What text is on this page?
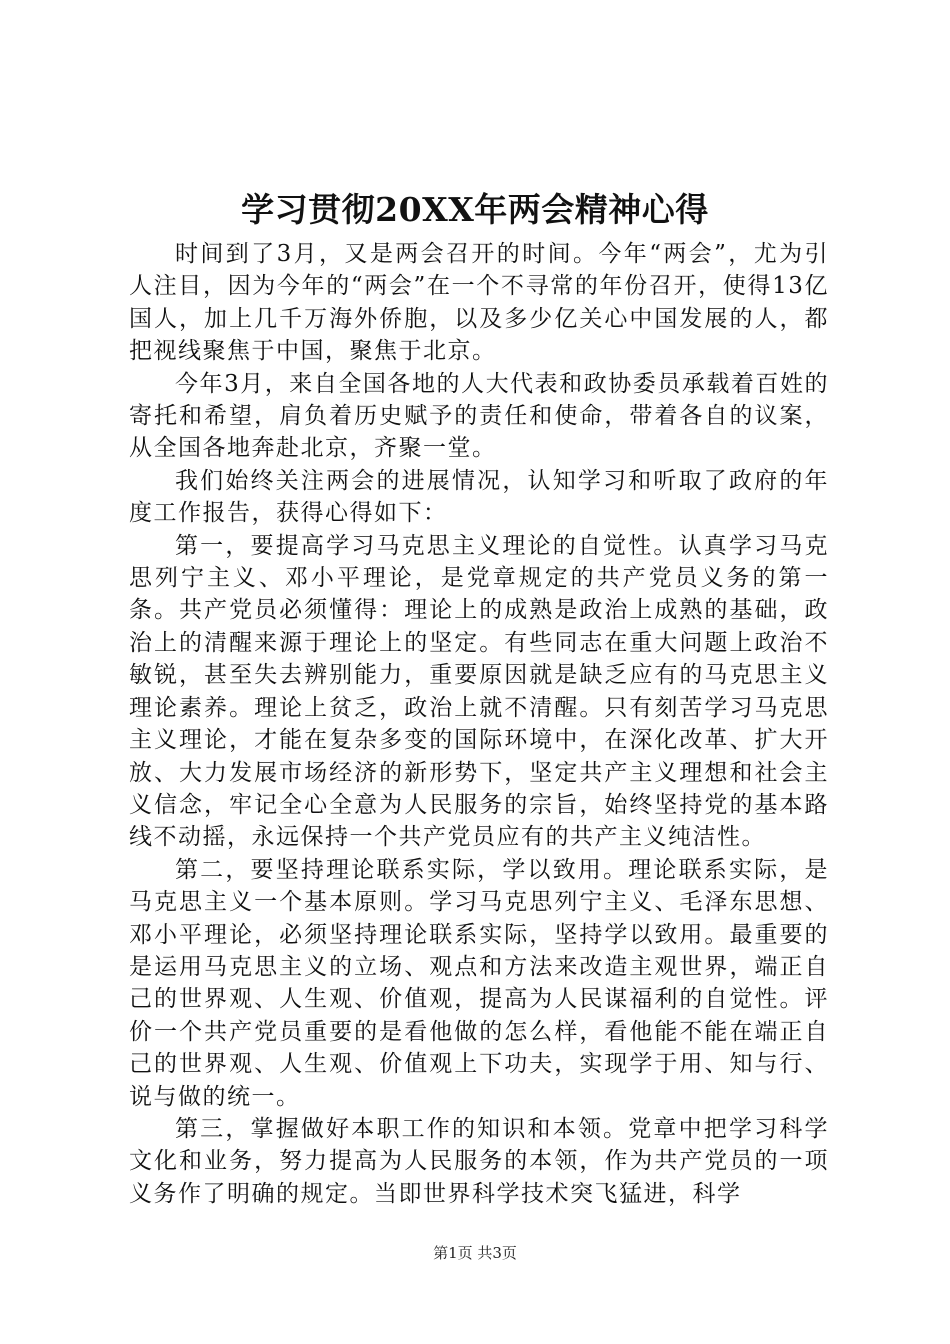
学习贯彻20XX年两会精神心得

时间到了3月，又是两会召开的时间。今年“两会”，尤为引人注目，因为今年的“两会”在一个不寻常的年份召开，使得13亿国人，加上几千万海外侨胞，以及多少亿关心中国发展的人，都把视线聚焦于中国，聚焦于北京。

今年3月，来自全国各地的人大代表和政协委员承载着百姓的寄托和希望，肩负着历史赋予的责任和使命，带着各自的议案，从全国各地奔赴北京，齐聚一堂。

我们始终关注两会的进展情况，认知学习和听取了政府的年度工作报告，获得心得如下：

第一，要提高学习马克思主义理论的自觉性。认真学习马克思列宁主义、邓小平理论，是党章规定的共产党员义务的第一条。共产党员必须懂得：理论上的成熟是政治上成熟的基础，政治上的清醒来源于理论上的坚定。有些同志在重大问题上政治不敏锐，甚至失去辨别能力，重要原因就是缺乏应有的马克思主义理论素养。理论上贫乏，政治上就不清醒。只有刻苦学习马克思主义理论，才能在复杂多变的国际环境中，在深化改革、扩大开放、大力发展市场经济的新形势下，坚定共产主义理想和社会主义信念，牢记全心全意为人民服务的宗旨，始终坚持党的基本路线不动摇，永远保持一个共产党员应有的共产主义纯洁性。

第二，要坚持理论联系实际，学以致用。理论联系实际，是马克思主义一个基本原则。学习马克思列宁主义、毛泽东思想、邓小平理论，必须坚持理论联系实际，坚持学以致用。最重要的是运用马克思主义的立场、观点和方法来改造主观世界，端正自己的世界观、人生观、价值观，提高为人民谋福利的自觉性。评价一个共产党员重要的是看他做的怎么样，看他能不能在端正自己的世界观、人生观、价值观上下功夫，实现学于用、知与行、说与做的统一。

第三，掌握做好本职工作的知识和本领。党章中把学习科学文化和业务，努力提高为人民服务的本领，作为共产党员的一项义务作了明确的规定。当即世界科学技术突飞猛进，科学

第1页 共3页
